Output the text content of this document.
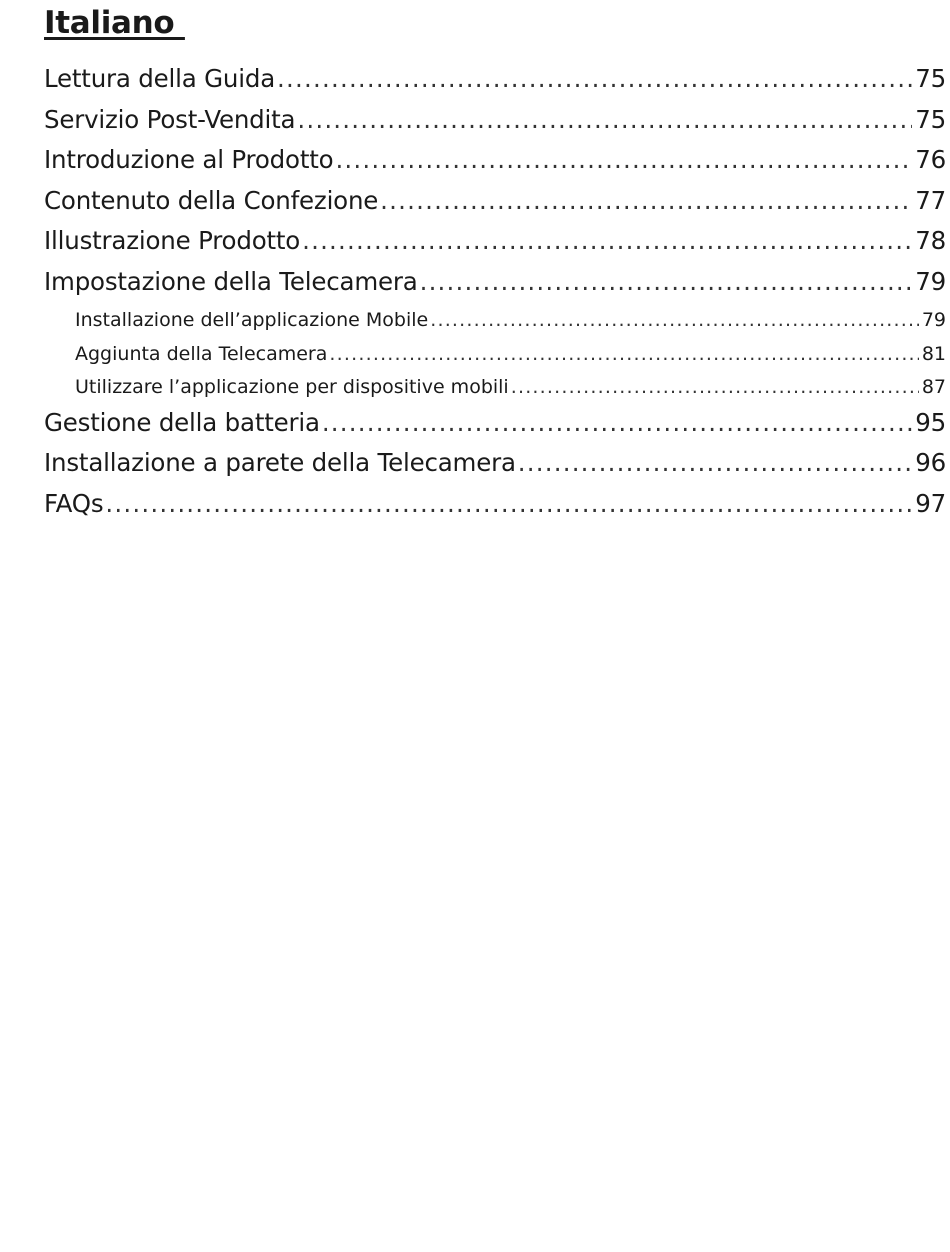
Italiano
Lettura della Guida .....	75
Servizio Post-Vendita .....	75
Introduzione al Prodotto .....	76
Contenuto della Confezione .....	77
Illustrazione Prodotto .....	78
Impostazione della Telecamera .....	79
Installazione dell’applicazione Mobile .....	79
Aggiunta della Telecamera .....	81
Utilizzare l’applicazione per dispositive mobili .....	87
Gestione della batteria .....	95
Installazione a parete della Telecamera .....	96
FAQs .....	97
